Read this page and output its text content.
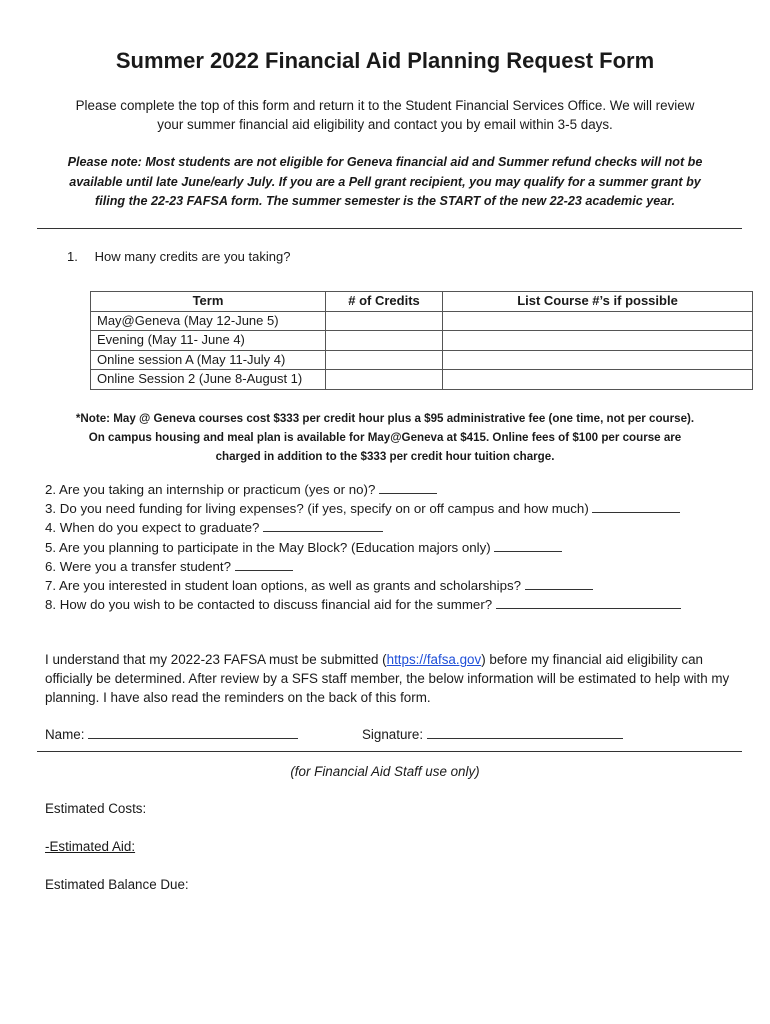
Summer 2022 Financial Aid Planning Request Form
Please complete the top of this form and return it to the Student Financial Services Office. We will review
your summer financial aid eligibility and contact you by email within 3-5 days.
Please note: Most students are not eligible for Geneva financial aid and Summer refund checks will not be
available until late June/early July. If you are a Pell grant recipient, you may qualify for a summer grant by
filing the 22-23 FAFSA form. The summer semester is the START of the new 22-23 academic year.
1. How many credits are you taking?
Term	# of Credits	List Course #’s if possible
May@Geneva (May 12-June 5)		
Evening (May 11- June 4)		
Online session A (May 11-July 4)		
Online Session 2 (June 8-August 1)		
*Note: May @ Geneva courses cost $333 per credit hour plus a $95 administrative fee (one time, not per course).
On campus housing and meal plan is available for May@Geneva at $415. Online fees of $100 per course are
charged in addition to the $333 per credit hour tuition charge.
2. Are you taking an internship or practicum (yes or no)?
3. Do you need funding for living expenses? (if yes, specify on or off campus and how much)
4. When do you expect to graduate?
5. Are you planning to participate in the May Block? (Education majors only)
6. Were you a transfer student?
7. Are you interested in student loan options, as well as grants and scholarships?
8. How do you wish to be contacted to discuss financial aid for the summer?
I understand that my 2022-23 FAFSA must be submitted (https://fafsa.gov) before my financial aid eligibility can officially be determined. After review by a SFS staff member, the below information will be estimated to help with my planning. I have also read the reminders on the back of this form.
Name:	Signature:
(for Financial Aid Staff use only)
Estimated Costs:
-Estimated Aid:
Estimated Balance Due:
